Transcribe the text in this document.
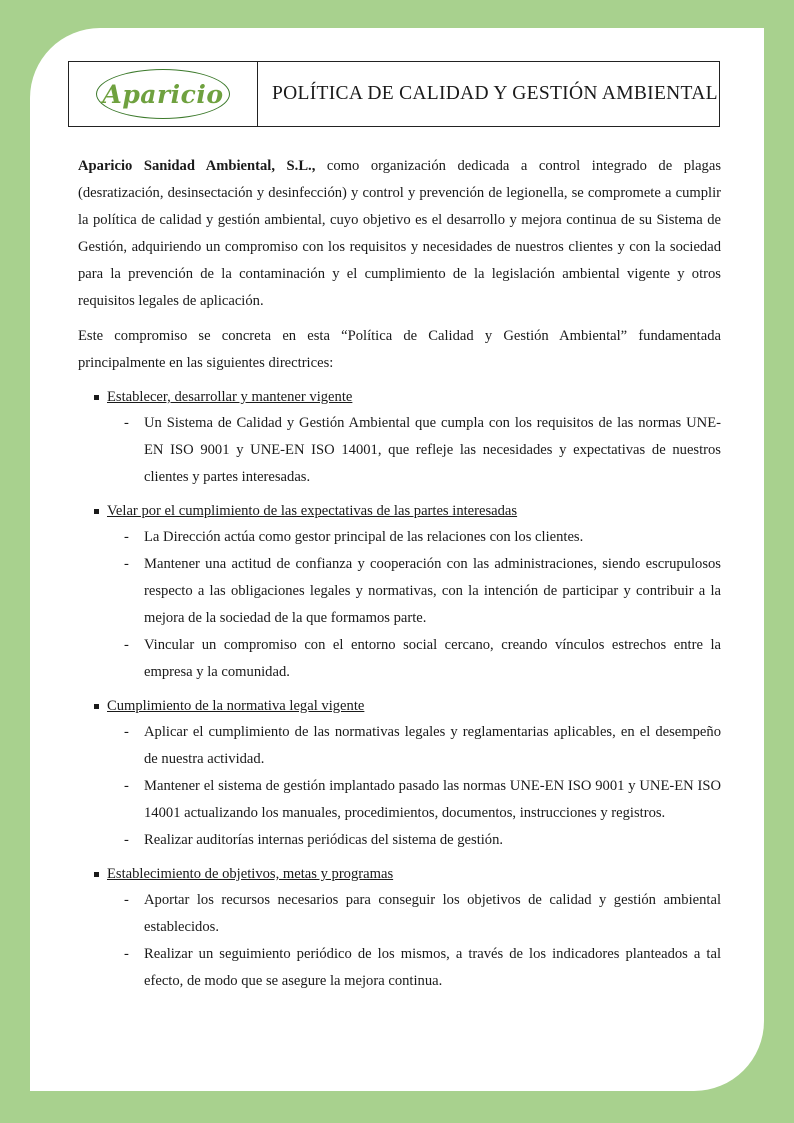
Aparicio	POLÍTICA DE CALIDAD Y GESTIÓN AMBIENTAL

Aparicio Sanidad Ambiental, S.L., como organización dedicada a control integrado de plagas (desratización, desinsectación y desinfección) y control y prevención de legionella, se compromete a cumplir la política de calidad y gestión ambiental, cuyo objetivo es el desarrollo y mejora continua de su Sistema de Gestión, adquiriendo un compromiso con los requisitos y necesidades de nuestros clientes y con la sociedad para la prevención de la contaminación y el cumplimiento de la legislación ambiental vigente y otros requisitos legales de aplicación.

Este compromiso se concreta en esta “Política de Calidad y Gestión Ambiental” fundamentada principalmente en las siguientes directrices:

Establecer, desarrollar y mantener vigente
-	Un Sistema de Calidad y Gestión Ambiental que cumpla con los requisitos de las normas UNE-EN ISO 9001 y UNE-EN ISO 14001, que refleje las necesidades y expectativas de nuestros clientes y partes interesadas.
Velar por el cumplimiento de las expectativas de las partes interesadas
-	La Dirección actúa como gestor principal de las relaciones con los clientes.
-	Mantener una actitud de confianza y cooperación con las administraciones, siendo escrupulosos respecto a las obligaciones legales y normativas, con la intención de participar y contribuir a la mejora de la sociedad de la que formamos parte.
-	Vincular un compromiso con el entorno social cercano, creando vínculos estrechos entre la empresa y la comunidad.
Cumplimiento de la normativa legal vigente
-	Aplicar el cumplimiento de las normativas legales y reglamentarias aplicables, en el desempeño de nuestra actividad.
-	Mantener el sistema de gestión implantado pasado las normas UNE-EN ISO 9001 y UNE-EN ISO 14001 actualizando los manuales, procedimientos, documentos, instrucciones y registros.
-	Realizar auditorías internas periódicas del sistema de gestión.
Establecimiento de objetivos, metas y programas
-	Aportar los recursos necesarios para conseguir los objetivos de calidad y gestión ambiental establecidos.
-	Realizar un seguimiento periódico de los mismos, a través de los indicadores planteados a tal efecto, de modo que se asegure la mejora continua.
